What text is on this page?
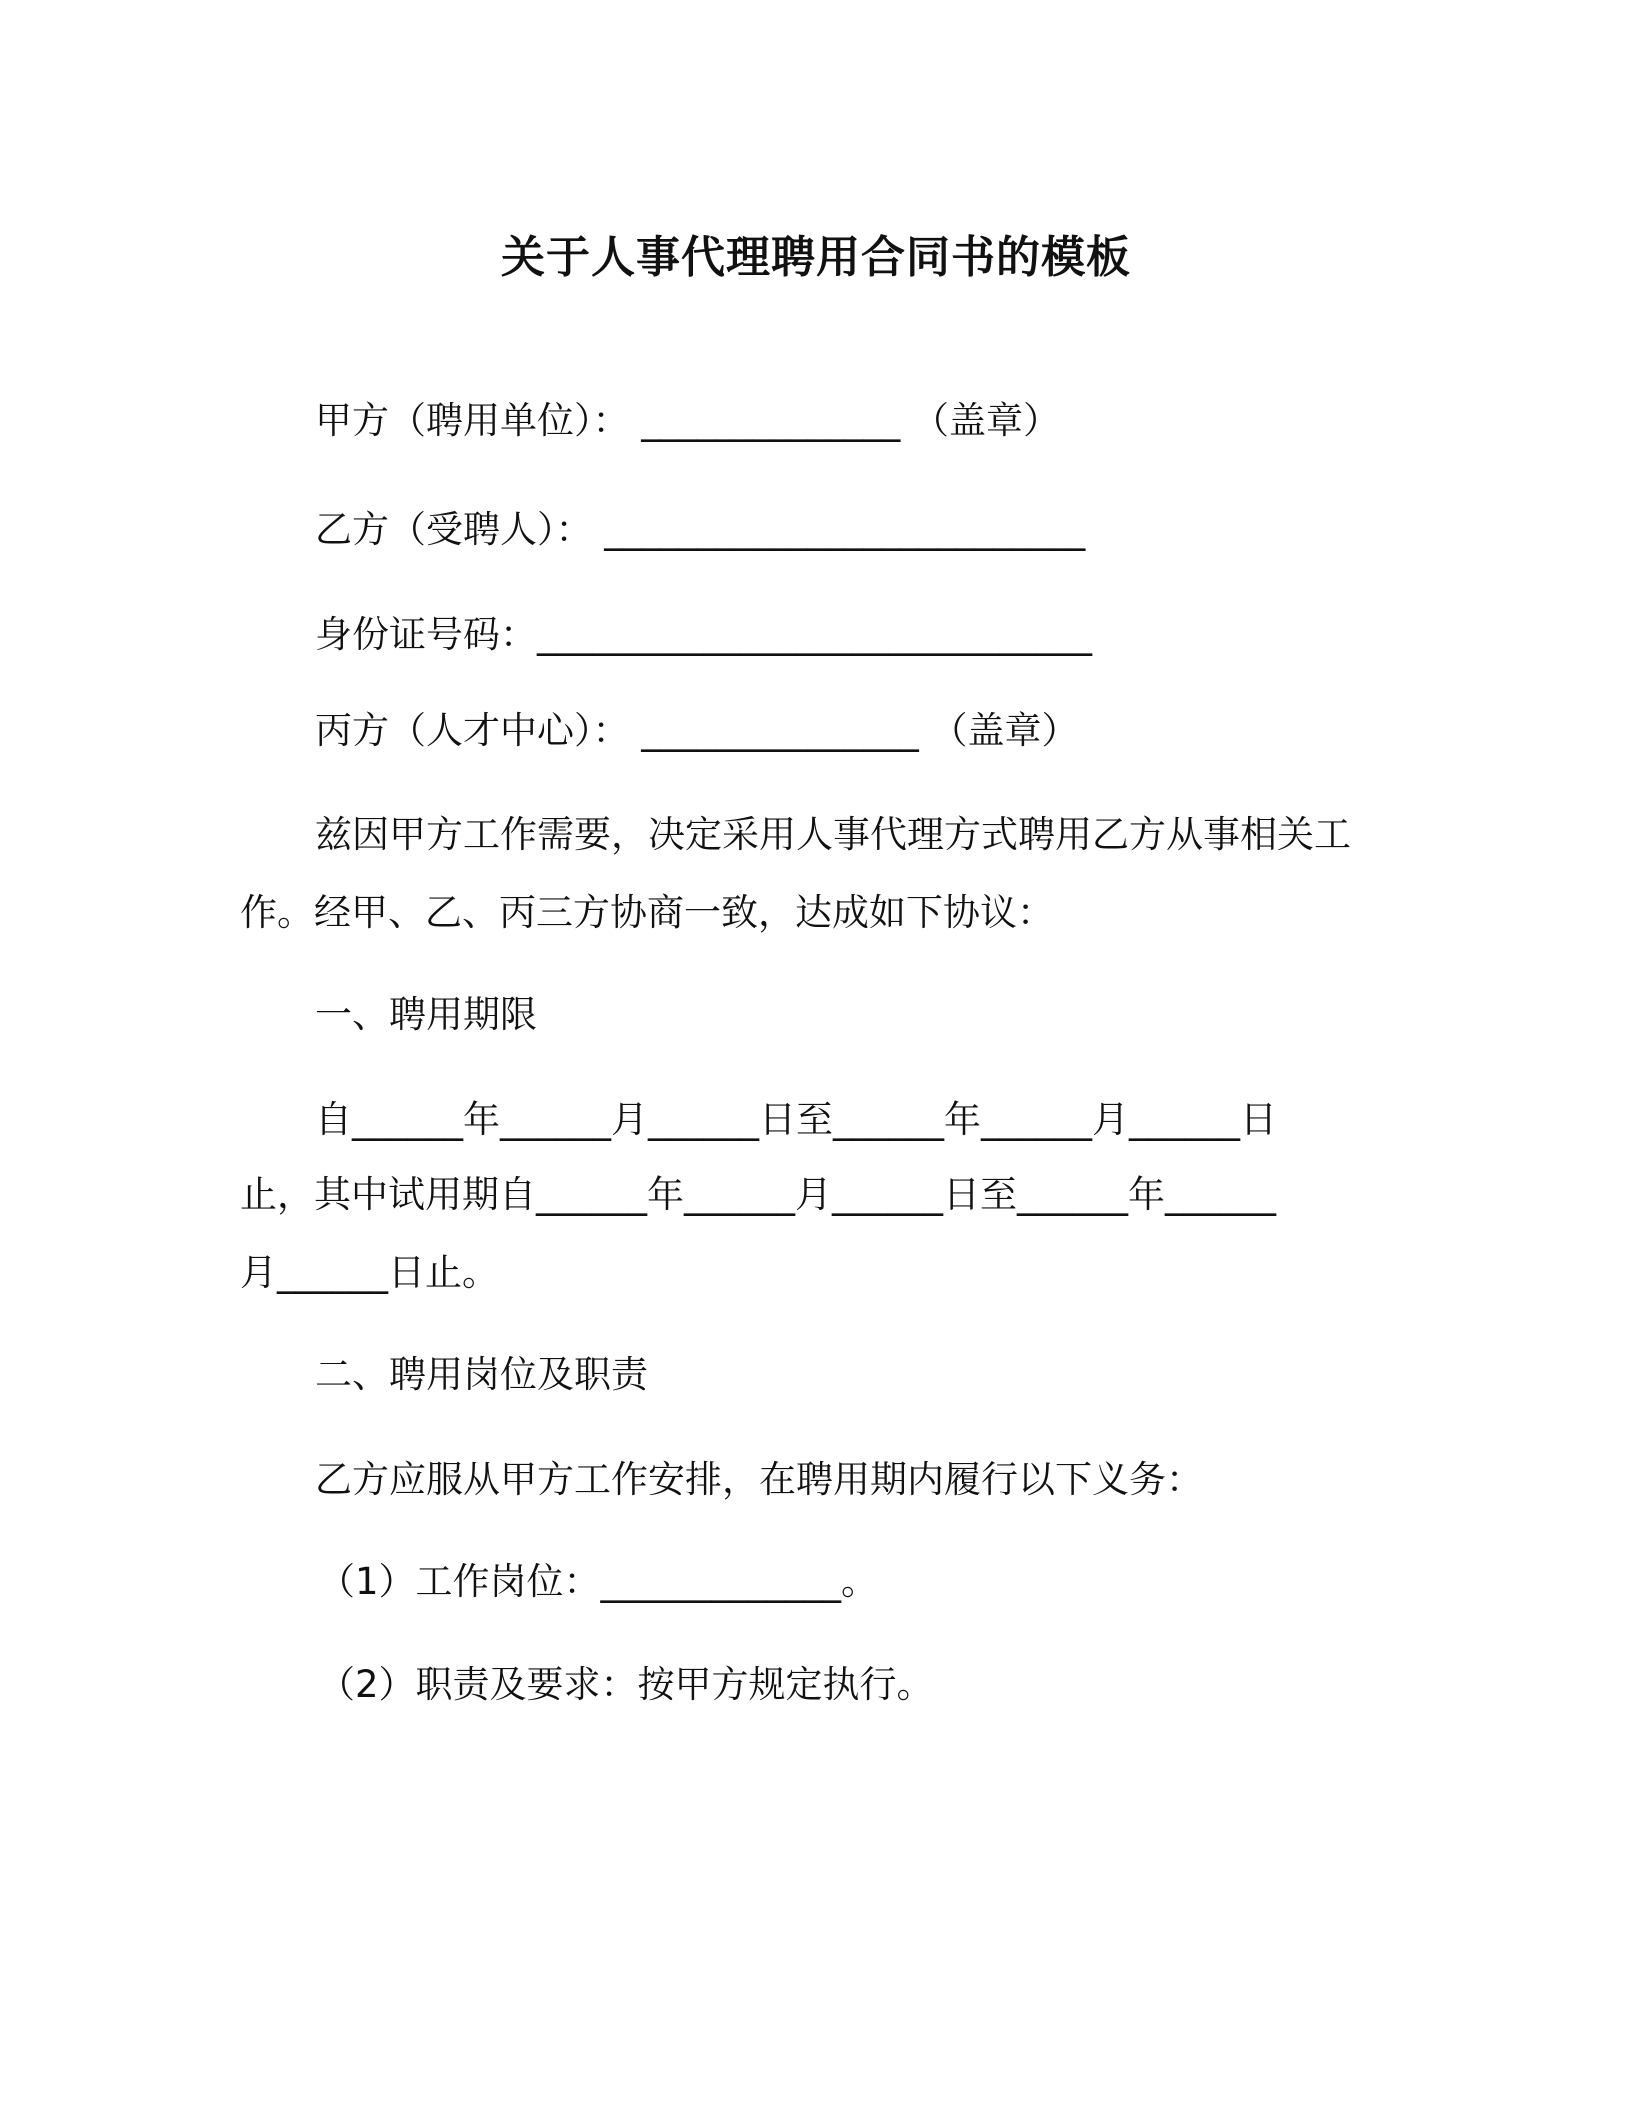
关于人事代理聘用合同书的模板
甲方（聘用单位）： ______________ （盖章）
乙方（受聘人）： __________________________
身份证号码：______________________________
丙方（人才中心）： _______________ （盖章）
兹因甲方工作需要，决定采用人事代理方式聘用乙方从事相关工
作。经甲、乙、丙三方协商一致，达成如下协议：
一、聘用期限
自______年______月______日至______年______月______日
止，其中试用期自______年______月______日至______年______
月______日止。
二、聘用岗位及职责
乙方应服从甲方工作安排，在聘用期内履行以下义务：
（1）工作岗位：_____________。
（2）职责及要求：按甲方规定执行。
